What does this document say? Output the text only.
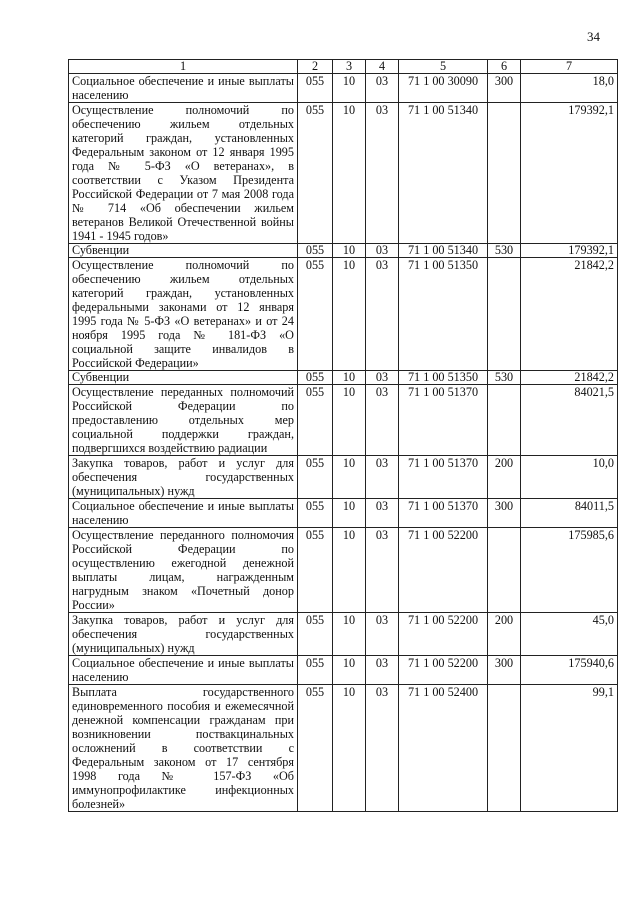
34
1	2	3	4	5	6	7
Социальное обеспечение и иные выплаты населению	055	10	03	71 1 00 30090	300	18,0
Осуществление полномочий по обеспечению жильем отдельных категорий граждан, установленных Федеральным законом от 12 января 1995 года № 5-ФЗ «О ветеранах», в соответствии с Указом Президента Российской Федерации от 7 мая 2008 года № 714 «Об обеспечении жильем ветеранов Великой Отечественной войны 1941 - 1945 годов»	055	10	03	71 1 00 51340		179392,1
Субвенции	055	10	03	71 1 00 51340	530	179392,1
Осуществление полномочий по обеспечению жильем отдельных категорий граждан, установленных федеральными законами от 12 января 1995 года № 5-ФЗ «О ветеранах» и от 24 ноября 1995 года № 181-ФЗ «О социальной защите инвалидов в Российской Федерации»	055	10	03	71 1 00 51350		21842,2
Субвенции	055	10	03	71 1 00 51350	530	21842,2
Осуществление переданных полномочий Российской Федерации по предоставлению отдельных мер социальной поддержки граждан, подвергшихся воздействию радиации	055	10	03	71 1 00 51370		84021,5
Закупка товаров, работ и услуг для обеспечения государственных (муниципальных) нужд	055	10	03	71 1 00 51370	200	10,0
Социальное обеспечение и иные выплаты населению	055	10	03	71 1 00 51370	300	84011,5
Осуществление переданного полномочия Российской Федерации по осуществлению ежегодной денежной выплаты лицам, награжденным нагрудным знаком «Почетный донор России»	055	10	03	71 1 00 52200		175985,6
Закупка товаров, работ и услуг для обеспечения государственных (муниципальных) нужд	055	10	03	71 1 00 52200	200	45,0
Социальное обеспечение и иные выплаты населению	055	10	03	71 1 00 52200	300	175940,6
Выплата государственного единовременного пособия и ежемесячной денежной компенсации гражданам при возникновении поствакцинальных осложнений в соответствии с Федеральным законом от 17 сентября 1998 года № 157-ФЗ «Об иммунопрофилактике инфекционных болезней»	055	10	03	71 1 00 52400		99,1
